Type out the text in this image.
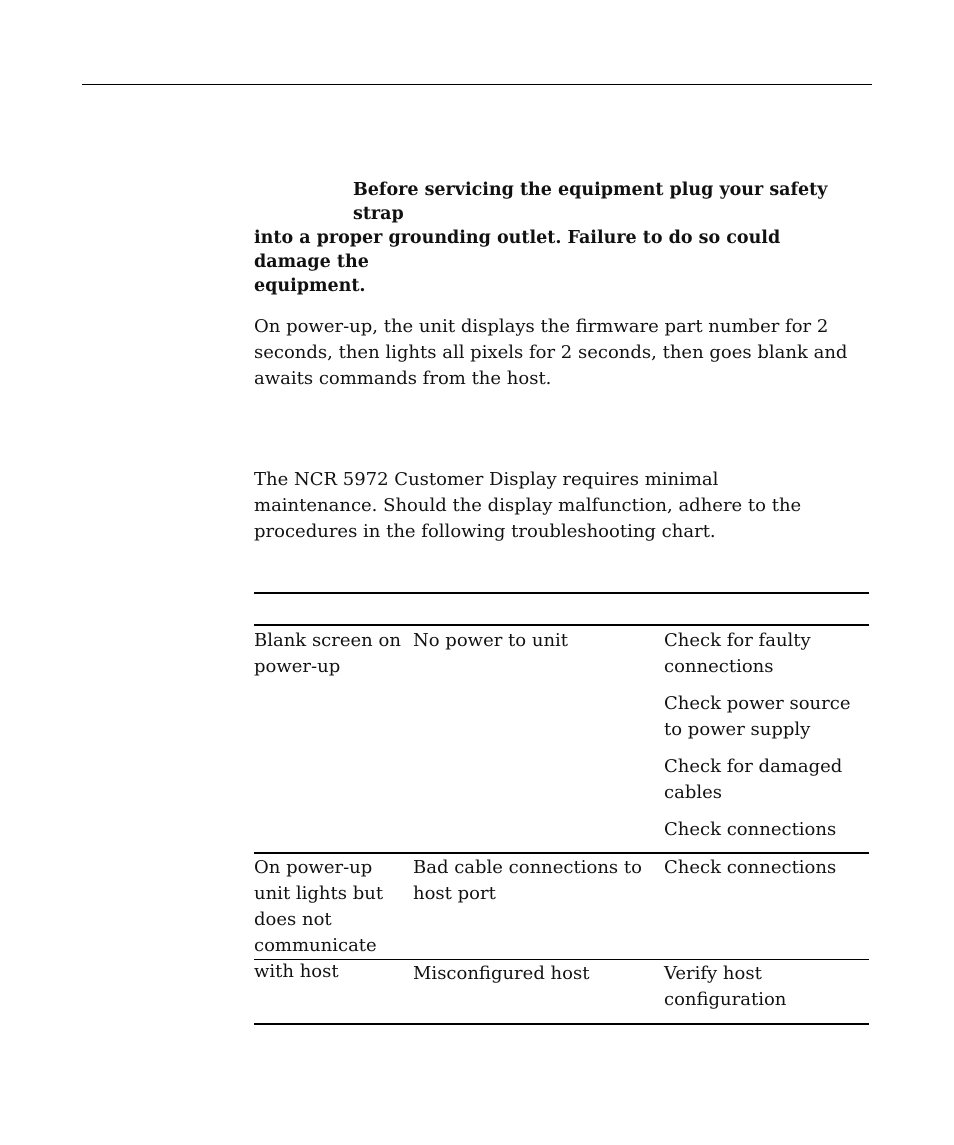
Before servicing the equipment plug your safety strap
into a proper grounding outlet. Failure to do so could damage the
equipment.
On power-up, the unit displays the firmware part number for 2 seconds, then lights all pixels for 2 seconds, then goes blank and awaits commands from the host.
The NCR 5972 Customer Display requires minimal maintenance. Should the display malfunction, adhere to the procedures in the following troubleshooting chart.
Blank screen on power-up
No power to unit	Check for faulty connections
Check power source to power supply
Check for damaged cables
Check connections
On power-up unit lights but does not communicate with host
Bad cable connections to host port
Check connections
Misconfigured host	Verify host configuration
